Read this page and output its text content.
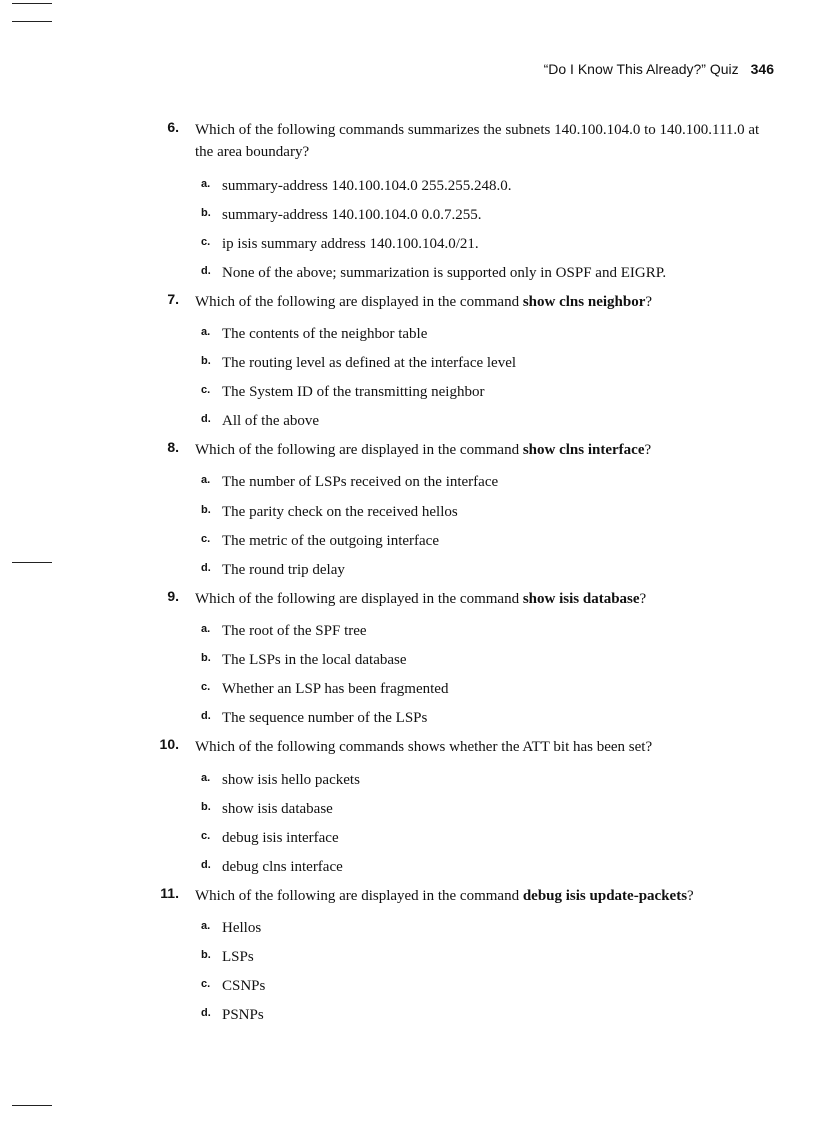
“Do I Know This Already?” Quiz 346
6. Which of the following commands summarizes the subnets 140.100.104.0 to 140.100.111.0 at the area boundary?
a. summary-address 140.100.104.0 255.255.248.0.
b. summary-address 140.100.104.0 0.0.7.255.
c. ip isis summary address 140.100.104.0/21.
d. None of the above; summarization is supported only in OSPF and EIGRP.
7. Which of the following are displayed in the command show clns neighbor?
a. The contents of the neighbor table
b. The routing level as defined at the interface level
c. The System ID of the transmitting neighbor
d. All of the above
8. Which of the following are displayed in the command show clns interface?
a. The number of LSPs received on the interface
b. The parity check on the received hellos
c. The metric of the outgoing interface
d. The round trip delay
9. Which of the following are displayed in the command show isis database?
a. The root of the SPF tree
b. The LSPs in the local database
c. Whether an LSP has been fragmented
d. The sequence number of the LSPs
10. Which of the following commands shows whether the ATT bit has been set?
a. show isis hello packets
b. show isis database
c. debug isis interface
d. debug clns interface
11. Which of the following are displayed in the command debug isis update-packets?
a. Hellos
b. LSPs
c. CSNPs
d. PSNPs
